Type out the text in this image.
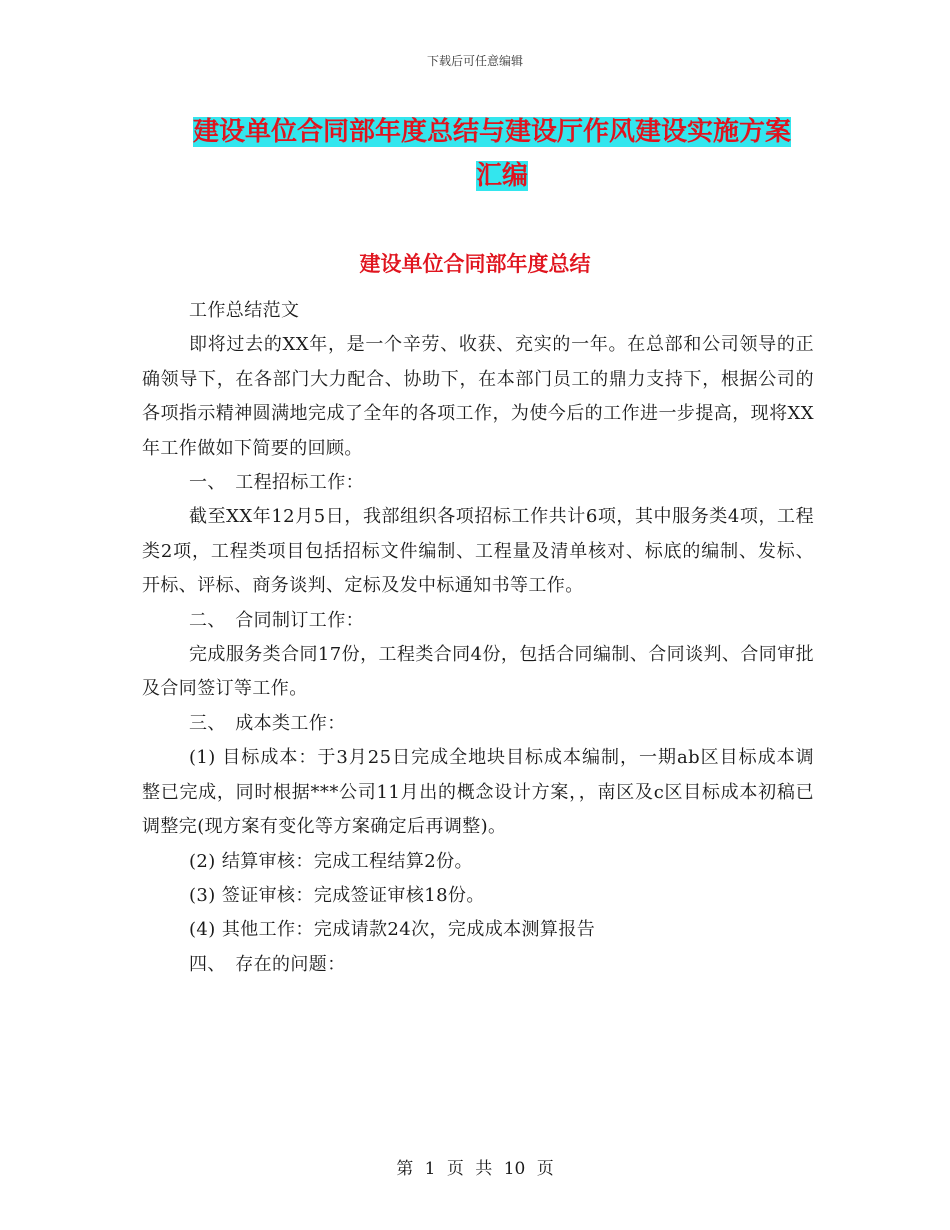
下载后可任意编辑
建设单位合同部年度总结与建设厅作风建设实施方案
汇编
建设单位合同部年度总结

工作总结范文

即将过去的XX年，是一个辛劳、收获、充实的一年。在总部和公司领导的正确领导下，在各部门大力配合、协助下，在本部门员工的鼎力支持下，根据公司的各项指示精神圆满地完成了全年的各项工作，为使今后的工作进一步提高，现将XX年工作做如下简要的回顾。

一、　工程招标工作：

截至XX年12月5日，我部组织各项招标工作共计6项，其中服务类4项，工程类2项，工程类项目包括招标文件编制、工程量及清单核对、标底的编制、发标、开标、评标、商务谈判、定标及发中标通知书等工作。

二、　合同制订工作：

完成服务类合同17份，工程类合同4份，包括合同编制、合同谈判、合同审批及合同签订等工作。

三、　成本类工作：

(1) 目标成本：于3月25日完成全地块目标成本编制，一期ab区目标成本调整已完成，同时根据***公司11月出的概念设计方案，，南区及c区目标成本初稿已调整完(现方案有变化等方案确定后再调整)。

(2) 结算审核：完成工程结算2份。

(3) 签证审核：完成签证审核18份。

(4) 其他工作：完成请款24次，完成成本测算报告

四、　存在的问题：

第 1 页 共 10 页
